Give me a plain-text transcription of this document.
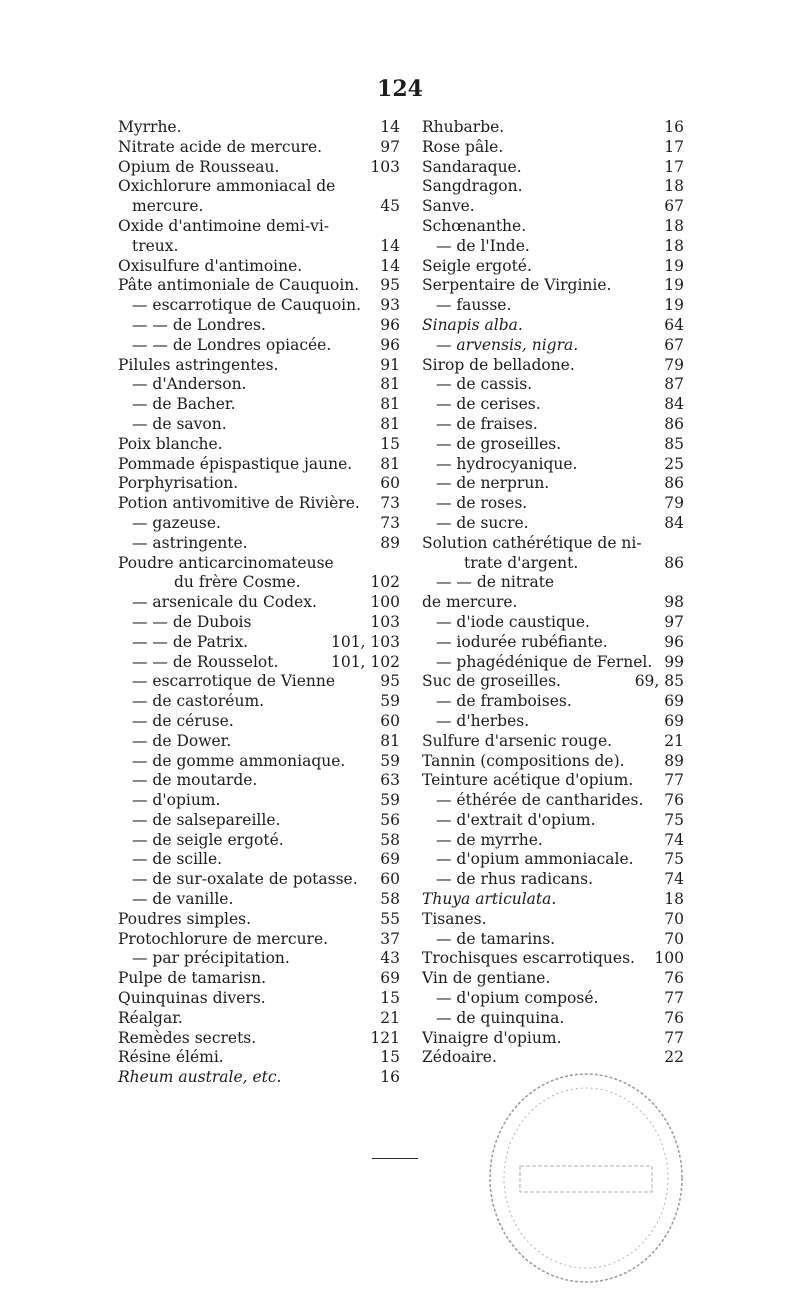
124
Myrrhe.	14
Nitrate acide de mercure.	97
Opium de Rousseau.	103
Oxichlorure ammoniacal de
mercure.	45
Oxide d'antimoine demi-vi-
treux.	14
Oxisulfure d'antimoine.	14
Pâte antimoniale de Cauquoin.	95
— escarrotique de Cauquoin.	93
— — de Londres.	96
— — de Londres opiacée.	96
Pilules astringentes.	91
— d'Anderson.	81
— de Bacher.	81
— de savon.	81
Poix blanche.	15
Pommade épispastique jaune.	81
Porphyrisation.	60
Potion antivomitive de Rivière.	73
— gazeuse.	73
— astringente.	89
Poudre anticarcinomateuse
du frère Cosme.	102
— arsenicale du Codex.	100
— — de Dubois	103
— — de Patrix.	101, 103
— — de Rousselot.	101, 102
— escarrotique de Vienne	95
— de castoréum.	59
— de céruse.	60
— de Dower.	81
— de gomme ammoniaque.	59
— de moutarde.	63
— d'opium.	59
— de salsepareille.	56
— de seigle ergoté.	58
— de scille.	69
— de sur-oxalate de potasse.	60
— de vanille.	58
Poudres simples.	55
Protochlorure de mercure.	37
— par précipitation.	43
Pulpe de tamarisn.	69
Quinquinas divers.	15
Réalgar.	21
Remèdes secrets.	121
Résine élémi.	15
Rheum australe, etc.	16
Rhubarbe.	16
Rose pâle.	17
Sandaraque.	17
Sangdragon.	18
Sanve.	67
Schœnanthe.	18
— de l'Inde.	18
Seigle ergoté.	19
Serpentaire de Virginie.	19
— fausse.	19
Sinapis alba.	64
— arvensis, nigra.	67
Sirop de belladone.	79
— de cassis.	87
— de cerises.	84
— de fraises.	86
— de groseilles.	85
— hydrocyanique.	25
— de nerprun.	86
— de roses.	79
— de sucre.	84
Solution cathérétique de ni-
trate d'argent.	86
— — de nitrate
de mercure.	98
— d'iode caustique.	97
— iodurée rubéfiante.	96
— phagédénique de Fernel. 99
Suc de groseilles.	69, 85
— de framboises.	69
— d'herbes.	69
Sulfure d'arsenic rouge.	21
Tannin (compositions de).	89
Teinture acétique d'opium.	77
— éthérée de cantharides.	76
— d'extrait d'opium.	75
— de myrrhe.	74
— d'opium ammoniacale.	75
— de rhus radicans.	74
Thuya articulata.	18
Tisanes.	70
— de tamarins.	70
Trochisques escarrotiques.	100
Vin de gentiane.	76
— d'opium composé.	77
— de quinquina.	76
Vinaigre d'opium.	77
Zédoaire.	22
